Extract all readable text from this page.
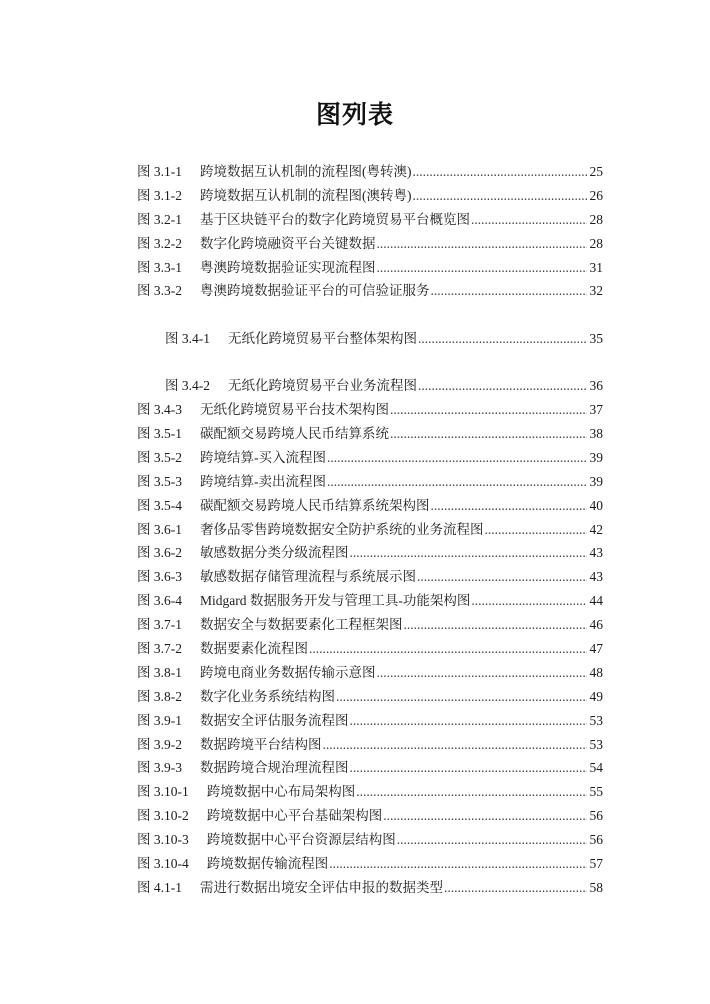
图列表
图 3.1-1 跨境数据互认机制的流程图(粤转澳) .....	25
图 3.1-2 跨境数据互认机制的流程图(澳转粤) .....	26
图 3.2-1 基于区块链平台的数字化跨境贸易平台概览图 .....	28
图 3.2-2 数字化跨境融资平台关键数据 .....	28
图 3.3-1 粤澳跨境数据验证实现流程图 .....	31
图 3.3-2 粤澳跨境数据验证平台的可信验证服务 .....	32
图 3.4-1 无纸化跨境贸易平台整体架构图 .....	35
图 3.4-2 无纸化跨境贸易平台业务流程图 .....	36
图 3.4-3 无纸化跨境贸易平台技术架构图 .....	37
图 3.5-1 碳配额交易跨境人民币结算系统 .....	38
图 3.5-2 跨境结算-买入流程图 .....	39
图 3.5-3 跨境结算-卖出流程图 .....	39
图 3.5-4 碳配额交易跨境人民币结算系统架构图 .....	40
图 3.6-1 奢侈品零售跨境数据安全防护系统的业务流程图 .....	42
图 3.6-2 敏感数据分类分级流程图 .....	43
图 3.6-3 敏感数据存储管理流程与系统展示图 .....	43
图 3.6-4 Midgard 数据服务开发与管理工具-功能架构图 .....	44
图 3.7-1 数据安全与数据要素化工程框架图 .....	46
图 3.7-2 数据要素化流程图 .....	47
图 3.8-1 跨境电商业务数据传输示意图 .....	48
图 3.8-2 数字化业务系统结构图 .....	49
图 3.9-1 数据安全评估服务流程图 .....	53
图 3.9-2 数据跨境平台结构图 .....	53
图 3.9-3 数据跨境合规治理流程图 .....	54
图 3.10-1 跨境数据中心布局架构图 .....	55
图 3.10-2 跨境数据中心平台基础架构图 .....	56
图 3.10-3 跨境数据中心平台资源层结构图 .....	56
图 3.10-4 跨境数据传输流程图 .....	57
图 4.1-1 需进行数据出境安全评估申报的数据类型 .....	58
